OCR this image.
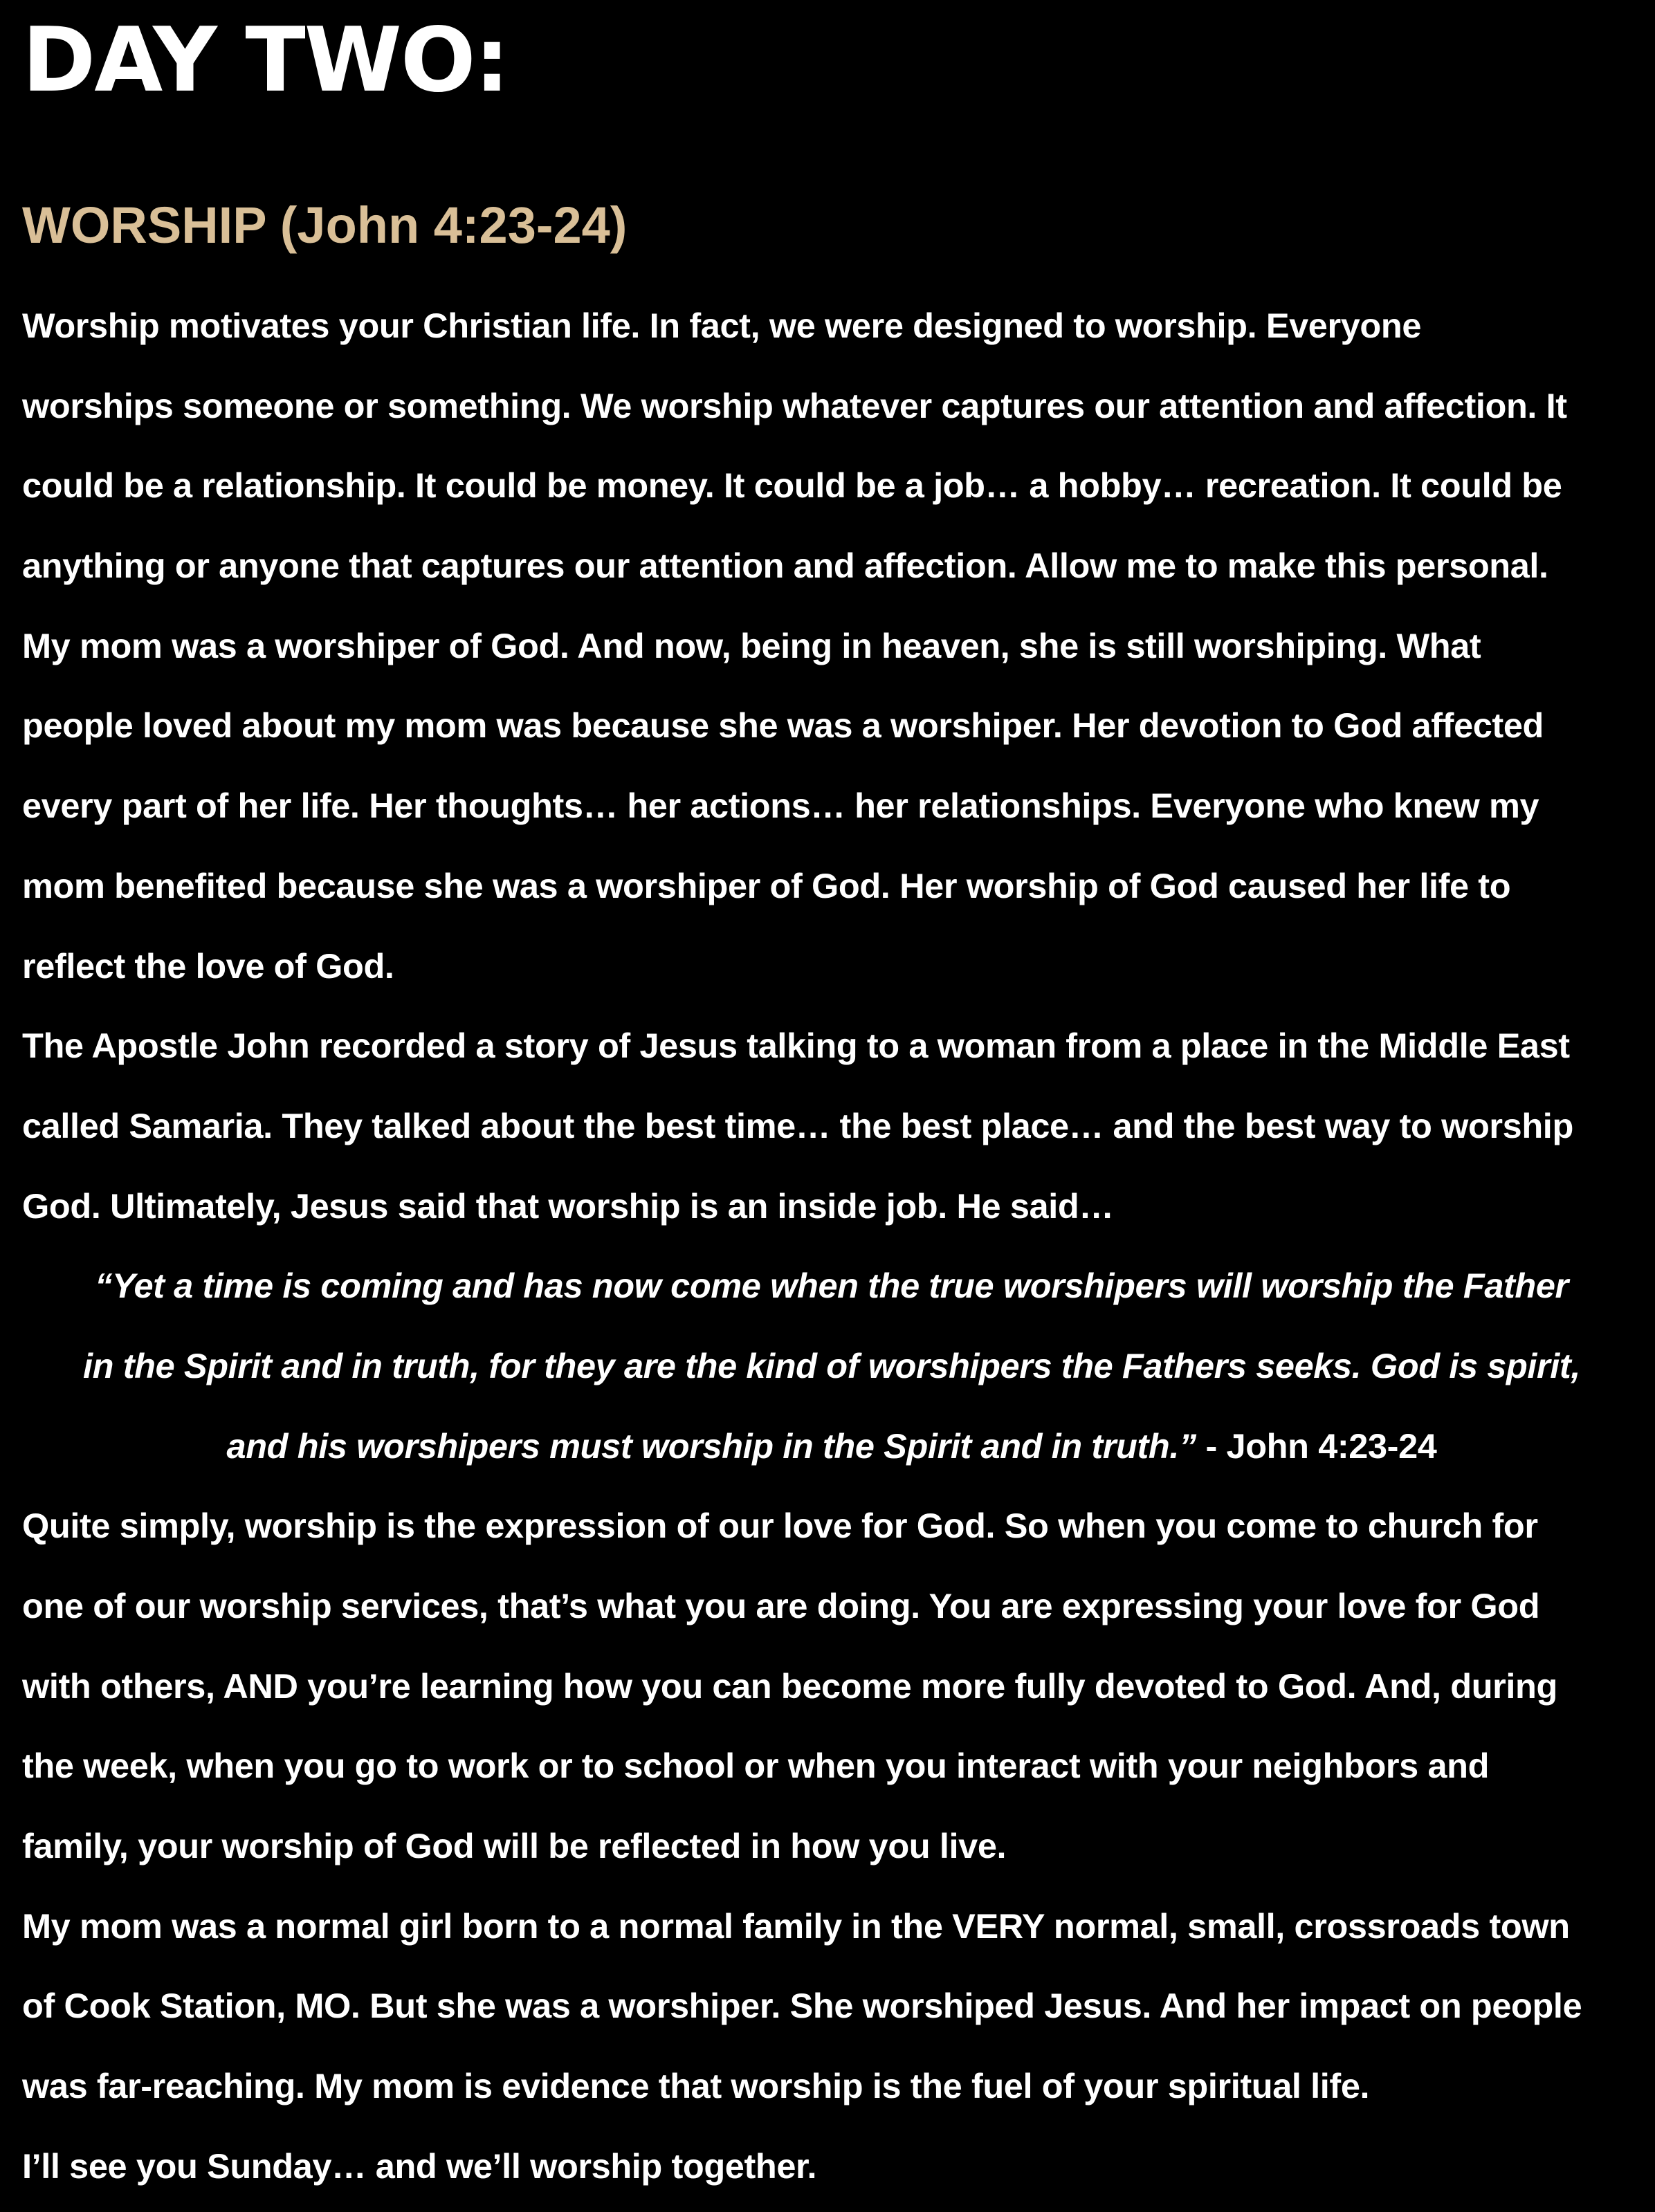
DAY TWO:
WORSHIP (John 4:23-24)
Worship motivates your Christian life. In fact, we were designed to worship. Everyone
worships someone or something. We worship whatever captures our attention and affection. It
could be a relationship. It could be money. It could be a job… a hobby… recreation. It could be
anything or anyone that captures our attention and affection. Allow me to make this personal.
My mom was a worshiper of God. And now, being in heaven, she is still worshiping. What
people loved about my mom was because she was a worshiper. Her devotion to God affected
every part of her life. Her thoughts… her actions… her relationships. Everyone who knew my
mom benefited because she was a worshiper of God. Her worship of God caused her life to
reflect the love of God.
The Apostle John recorded a story of Jesus talking to a woman from a place in the Middle East
called Samaria. They talked about the best time… the best place… and the best way to worship
God. Ultimately, Jesus said that worship is an inside job. He said…
“Yet a time is coming and has now come when the true worshipers will worship the Father
in the Spirit and in truth, for they are the kind of worshipers the Fathers seeks. God is spirit,
and his worshipers must worship in the Spirit and in truth.” - John 4:23-24
Quite simply, worship is the expression of our love for God. So when you come to church for
one of our worship services, that’s what you are doing. You are expressing your love for God
with others, AND you’re learning how you can become more fully devoted to God. And, during
the week, when you go to work or to school or when you interact with your neighbors and
family, your worship of God will be reflected in how you live.
My mom was a normal girl born to a normal family in the VERY normal, small, crossroads town
of Cook Station, MO. But she was a worshiper. She worshiped Jesus. And her impact on people
was far-reaching. My mom is evidence that worship is the fuel of your spiritual life.
I’ll see you Sunday… and we’ll worship together.
